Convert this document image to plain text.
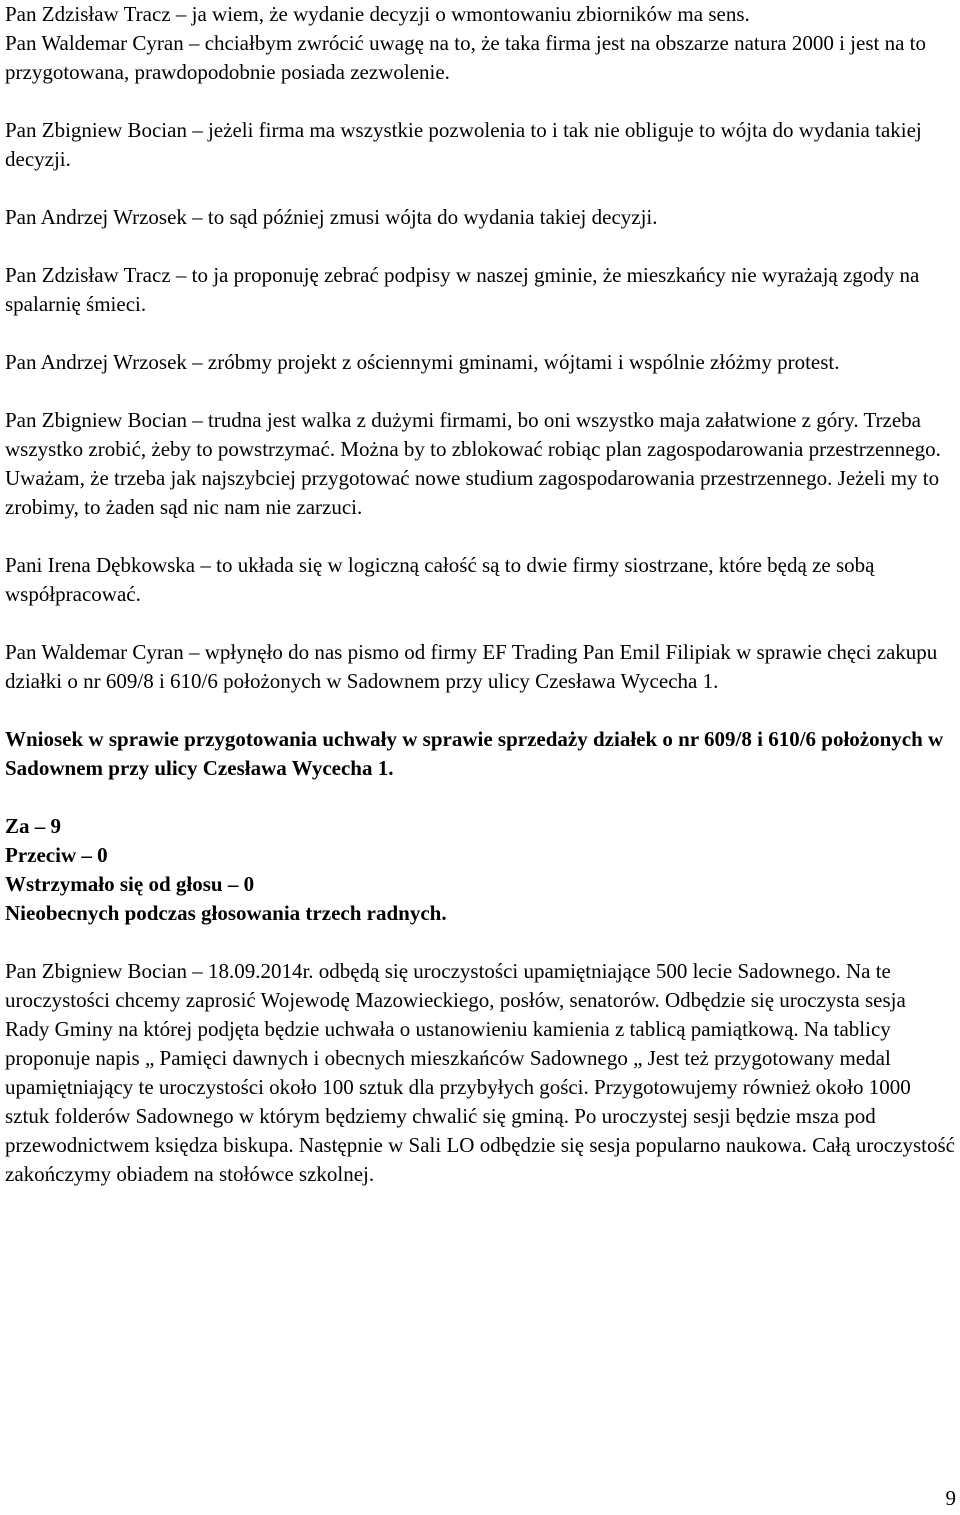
Pan Zdzisław Tracz – ja wiem, że wydanie decyzji o wmontowaniu zbiorników ma sens.

Pan Waldemar Cyran – chciałbym zwrócić uwagę na to, że taka firma jest na obszarze natura 2000 i jest na to przygotowana, prawdopodobnie posiada zezwolenie.

Pan Zbigniew Bocian – jeżeli firma ma wszystkie pozwolenia to i tak nie obliguje to wójta do wydania takiej decyzji.

Pan Andrzej Wrzosek – to sąd później zmusi wójta do wydania takiej decyzji.

Pan Zdzisław Tracz – to ja proponuję zebrać podpisy w naszej gminie, że mieszkańcy nie wyrażają zgody na spalarnię śmieci.

Pan Andrzej Wrzosek – zróbmy projekt z ościennymi gminami, wójtami i wspólnie złóżmy protest.

Pan Zbigniew Bocian – trudna jest walka z dużymi firmami, bo oni wszystko maja załatwione z góry. Trzeba wszystko zrobić, żeby to powstrzymać. Można by to zblokować robiąc plan zagospodarowania przestrzennego. Uważam, że trzeba jak najszybciej przygotować nowe studium zagospodarowania przestrzennego. Jeżeli my to zrobimy, to żaden sąd nic nam nie zarzuci.

Pani Irena Dębkowska – to układa się w logiczną całość są to dwie firmy siostrzane, które będą ze sobą współpracować.

Pan Waldemar Cyran – wpłynęło do nas pismo od firmy EF Trading Pan Emil Filipiak w sprawie chęci zakupu działki o nr 609/8 i 610/6 położonych w Sadownem przy ulicy Czesława Wycecha 1.

Wniosek w sprawie przygotowania uchwały w sprawie sprzedaży działek o nr 609/8 i 610/6 położonych w Sadownem przy ulicy Czesława Wycecha 1.

Za – 9

Przeciw – 0

Wstrzymało się od głosu – 0

Nieobecnych podczas głosowania trzech radnych.

Pan Zbigniew Bocian – 18.09.2014r. odbędą się uroczystości upamiętniające 500 lecie Sadownego. Na te uroczystości chcemy zaprosić Wojewodę Mazowieckiego, posłów, senatorów. Odbędzie się uroczysta sesja Rady Gminy na której podjęta będzie uchwała o ustanowieniu kamienia z tablicą pamiątkową. Na tablicy proponuje napis „ Pamięci dawnych i obecnych mieszkańców Sadownego „ Jest też przygotowany medal upamiętniający te uroczystości około 100 sztuk dla przybyłych gości. Przygotowujemy również około 1000 sztuk folderów Sadownego w którym będziemy chwalić się gminą. Po uroczystej sesji będzie msza pod przewodnictwem księdza biskupa. Następnie w Sali LO odbędzie się sesja popularno naukowa. Całą uroczystość zakończymy obiadem na stołówce szkolnej.

9
